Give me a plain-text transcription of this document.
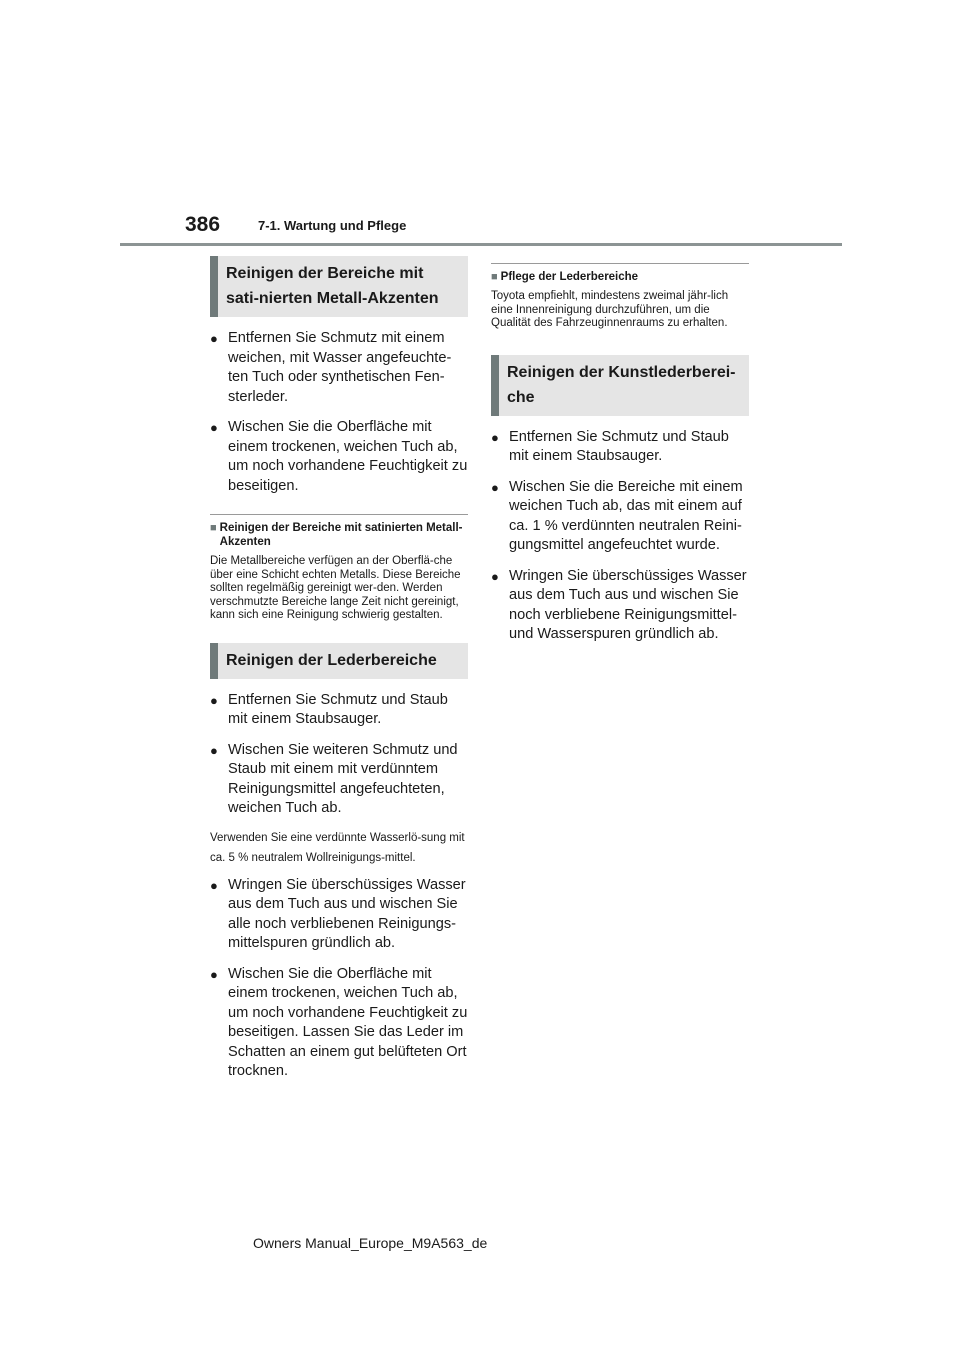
386	7-1. Wartung und Pflege
Reinigen der Bereiche mit sati-nierten Metall-Akzenten
● Entfernen Sie Schmutz mit einem weichen, mit Wasser angefeuchte-ten Tuch oder synthetischen Fen-sterleder.
● Wischen Sie die Oberfläche mit einem trockenen, weichen Tuch ab, um noch vorhandene Feuchtigkeit zu beseitigen.
■ Reinigen der Bereiche mit satinierten Metall-Akzenten
Die Metallbereiche verfügen an der Oberflä-che über eine Schicht echten Metalls. Diese Bereiche sollten regelmäßig gereinigt wer-den. Werden verschmutzte Bereiche lange Zeit nicht gereinigt, kann sich eine Reinigung schwierig gestalten.
Reinigen der Lederbereiche
● Entfernen Sie Schmutz und Staub mit einem Staubsauger.
● Wischen Sie weiteren Schmutz und Staub mit einem mit verdünntem Reinigungsmittel angefeuchteten, weichen Tuch ab.
Verwenden Sie eine verdünnte Wasserlö-sung mit ca. 5 % neutralem Wollreinigungs-mittel.
● Wringen Sie überschüssiges Wasser aus dem Tuch aus und wischen Sie alle noch verbliebenen Reinigungs-mittelspuren gründlich ab.
● Wischen Sie die Oberfläche mit einem trockenen, weichen Tuch ab, um noch vorhandene Feuchtigkeit zu beseitigen. Lassen Sie das Leder im Schatten an einem gut belüfteten Ort trocknen.
■ Pflege der Lederbereiche
Toyota empfiehlt, mindestens zweimal jähr-lich eine Innenreinigung durchzuführen, um die Qualität des Fahrzeuginnenraums zu erhalten.
Reinigen der Kunstlederberei-che
● Entfernen Sie Schmutz und Staub mit einem Staubsauger.
● Wischen Sie die Bereiche mit einem weichen Tuch ab, das mit einem auf ca. 1 % verdünnten neutralen Reini-gungsmittel angefeuchtet wurde.
● Wringen Sie überschüssiges Wasser aus dem Tuch aus und wischen Sie noch verbliebene Reinigungsmittel-und Wasserspuren gründlich ab.
Owners Manual_Europe_M9A563_de
